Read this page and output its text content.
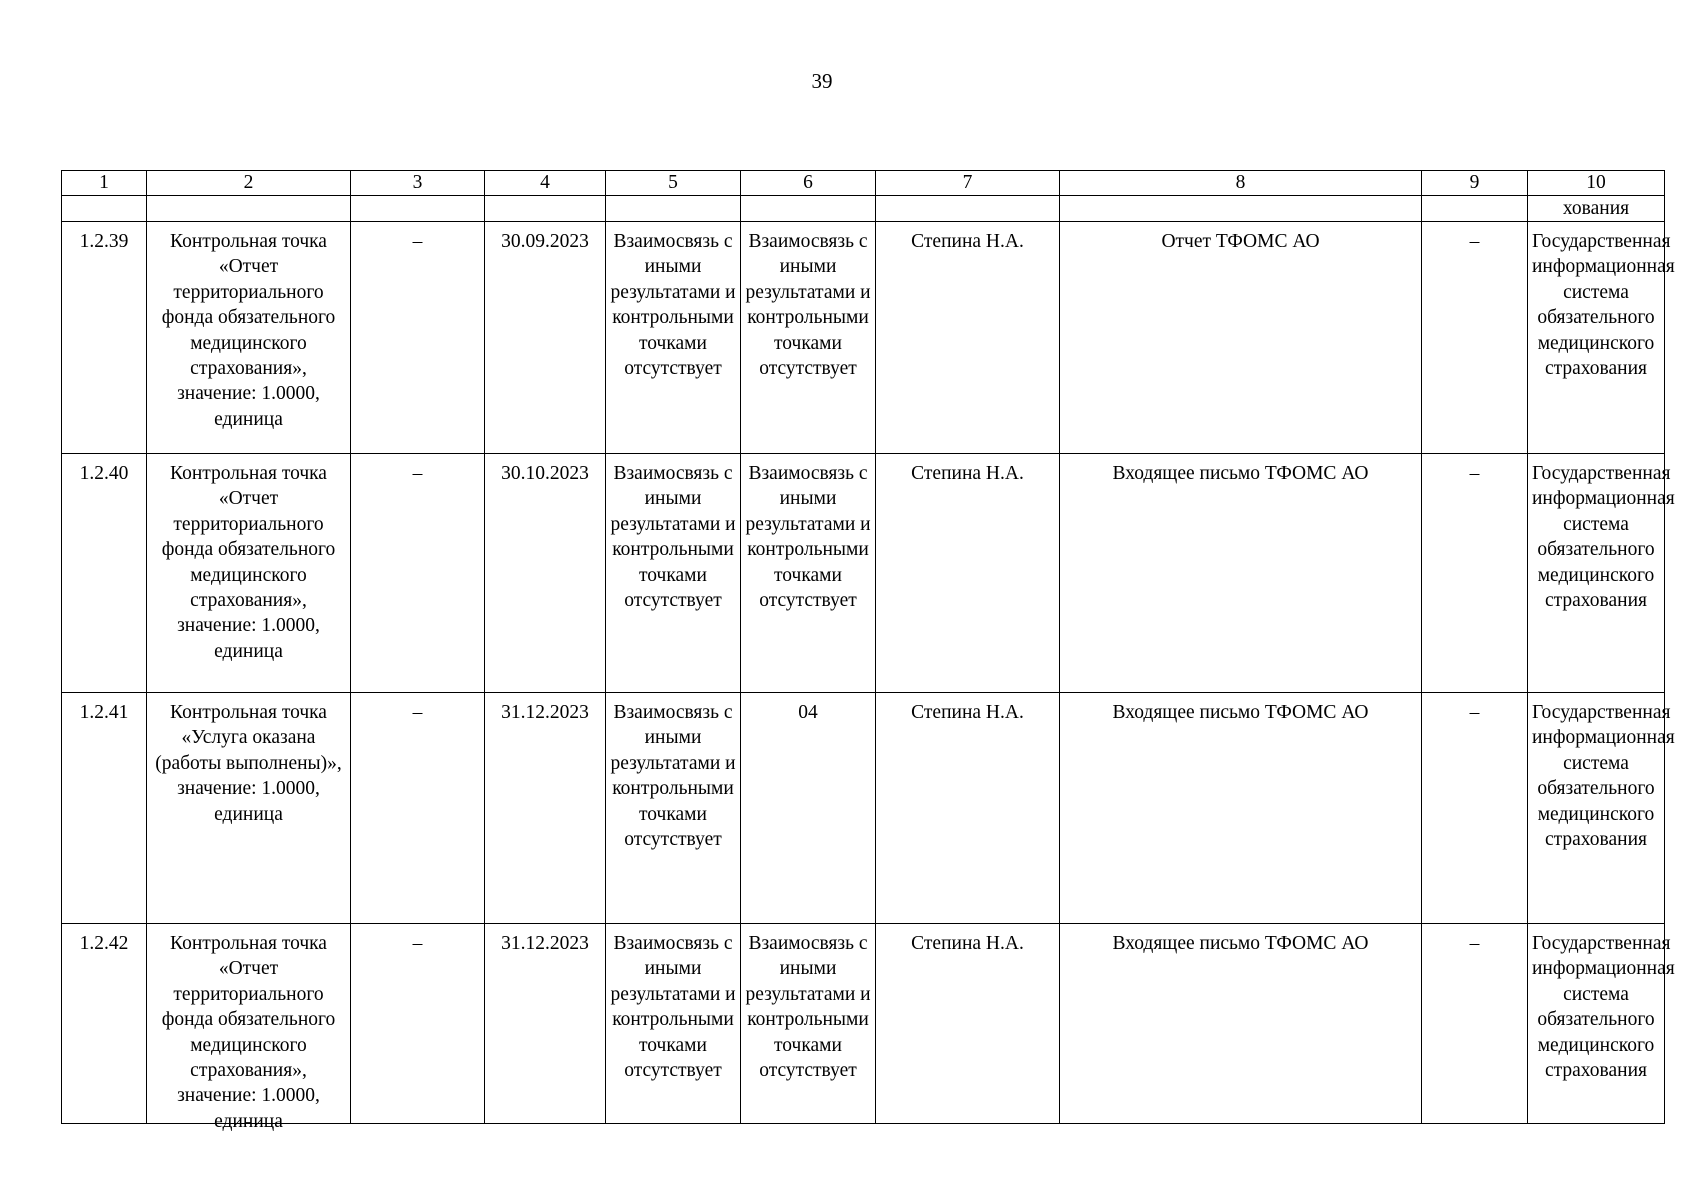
39
1	2	3	4	5	6	7	8	9	10
									хования
1.2.39	Контрольная точка «Отчет территориального фонда обязательного медицинского страхования», значение: 1.0000, единица	–	30.09.2023	Взаимосвязь с иными результатами и контрольными точками отсутствует	Взаимосвязь с иными результатами и контрольными точками отсутствует	Степина Н.А.	Отчет ТФОМС АО	–	Государственная информационная система обязательного медицинского страхования
1.2.40	Контрольная точка «Отчет территориального фонда обязательного медицинского страхования», значение: 1.0000, единица	–	30.10.2023	Взаимосвязь с иными результатами и контрольными точками отсутствует	Взаимосвязь с иными результатами и контрольными точками отсутствует	Степина Н.А.	Входящее письмо ТФОМС АО	–	Государственная информационная система обязательного медицинского страхования
1.2.41	Контрольная точка «Услуга оказана (работы выполнены)», значение: 1.0000, единица	–	31.12.2023	Взаимосвязь с иными результатами и контрольными точками отсутствует	04	Степина Н.А.	Входящее письмо ТФОМС АО	–	Государственная информационная система обязательного медицинского страхования

1.2.42	Контрольная точка «Отчет территориального фонда обязательного медицинского страхования», значение: 1.0000, единица	–	31.12.2023	Взаимосвязь с иными результатами и контрольными точками отсутствует	Взаимосвязь с иными результатами и контрольными точками отсутствует	Степина Н.А.	Входящее письмо ТФОМС АО	–	Государственная информационная система обязательного медицинского страхования
